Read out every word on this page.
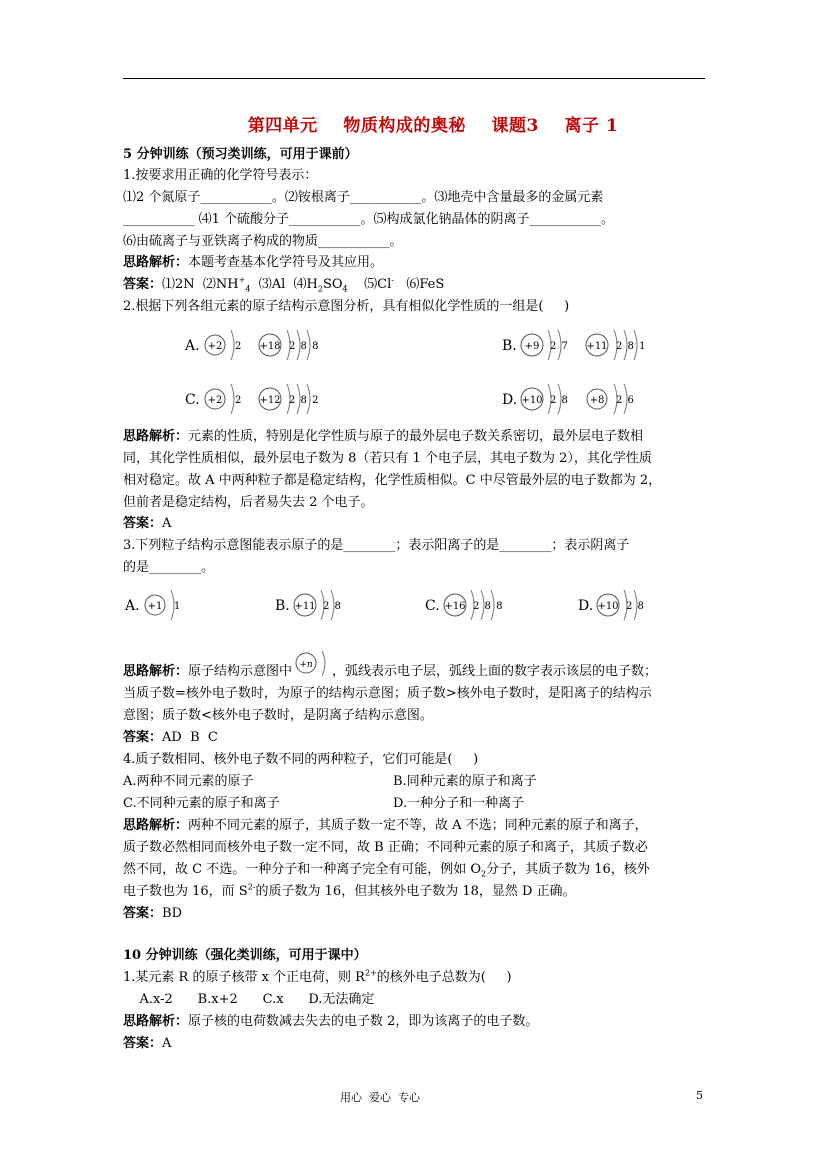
第四单元    物质构成的奥秘    课题3    离子 1
5 分钟训练（预习类训练，可用于课前）
1.按要求用正确的化学符号表示：
⑴2 个氮原子___________。⑵铵根离子___________。⑶地壳中含量最多的金属元素
___________ ⑷1 个硫酸分子___________。⑸构成氯化钠晶体的阴离子___________。
⑹由硫离子与亚铁离子构成的物质___________。
思路解析：本题考查基本化学符号及其应用。
答案：⑴2N  $⑵NH^+_4$  ⑶Al  $⑷H_2SO_4$    ⑸Cl-   ⑹FeS
2.根据下列各组元素的原子结构示意图分析，具有相似化学性质的一组是(     )
A. +2 2 +18 2 8 8	B. +9 2 7 +11 2 8 1
C. +2 2 +12 2 8 2	D. +10 2 8 +8 2 6
思路解析：元素的性质，特别是化学性质与原子的最外层电子数关系密切，最外层电子数相
同，其化学性质相似，最外层电子数为 8（若只有 1 个电子层，其电子数为 2），其化学性质
相对稳定。故 A 中两种粒子都是稳定结构，化学性质相似。C 中尽管最外层的电子数都为 2，
但前者是稳定结构，后者易失去 2 个电子。
答案：A
3.下列粒子结构示意图能表示原子的是________；表示阳离子的是________；表示阴离子
的是________。
A. +1 1	B. +11 2 8	C. +16 2 8 8	D. +10 2 8
思路解析：原子结构示意图中 +n ，弧线表示电子层，弧线上面的数字表示该层的电子数；
当质子数=核外电子数时，为原子的结构示意图；质子数>核外电子数时，是阳离子的结构示
意图；质子数<核外电子数时，是阴离子结构示意图。
答案：AD  B  C
4.质子数相同、核外电子数不同的两种粒子，它们可能是(     )
A.两种不同元素的原子	B.同种元素的原子和离子
C.不同种元素的原子和离子	D.一种分子和一种离子
思路解析：两种不同元素的原子，其质子数一定不等，故 A 不选；同种元素的原子和离子，
质子数必然相同而核外电子数一定不同，故 B 正确；不同种元素的原子和离子，其质子数必
然不同，故 C 不选。一种分子和一种离子完全有可能，例如 $O_2$分子，其质子数为 16，核外
电子数也为 16，而 $S^{2-}$的质子数为 16，但其核外电子数为 18，显然 D 正确。
答案：BD
10 分钟训练（强化类训练，可用于课中）
1.某元素 R 的原子核带 x 个正电荷，则 $R^{2+}$的核外电子总数为(     )
A.x-2      B.x+2      C.x      D.无法确定
思路解析：原子核的电荷数减去失去的电子数 2，即为该离子的电子数。
答案：A
用心  爱心  专心	5
